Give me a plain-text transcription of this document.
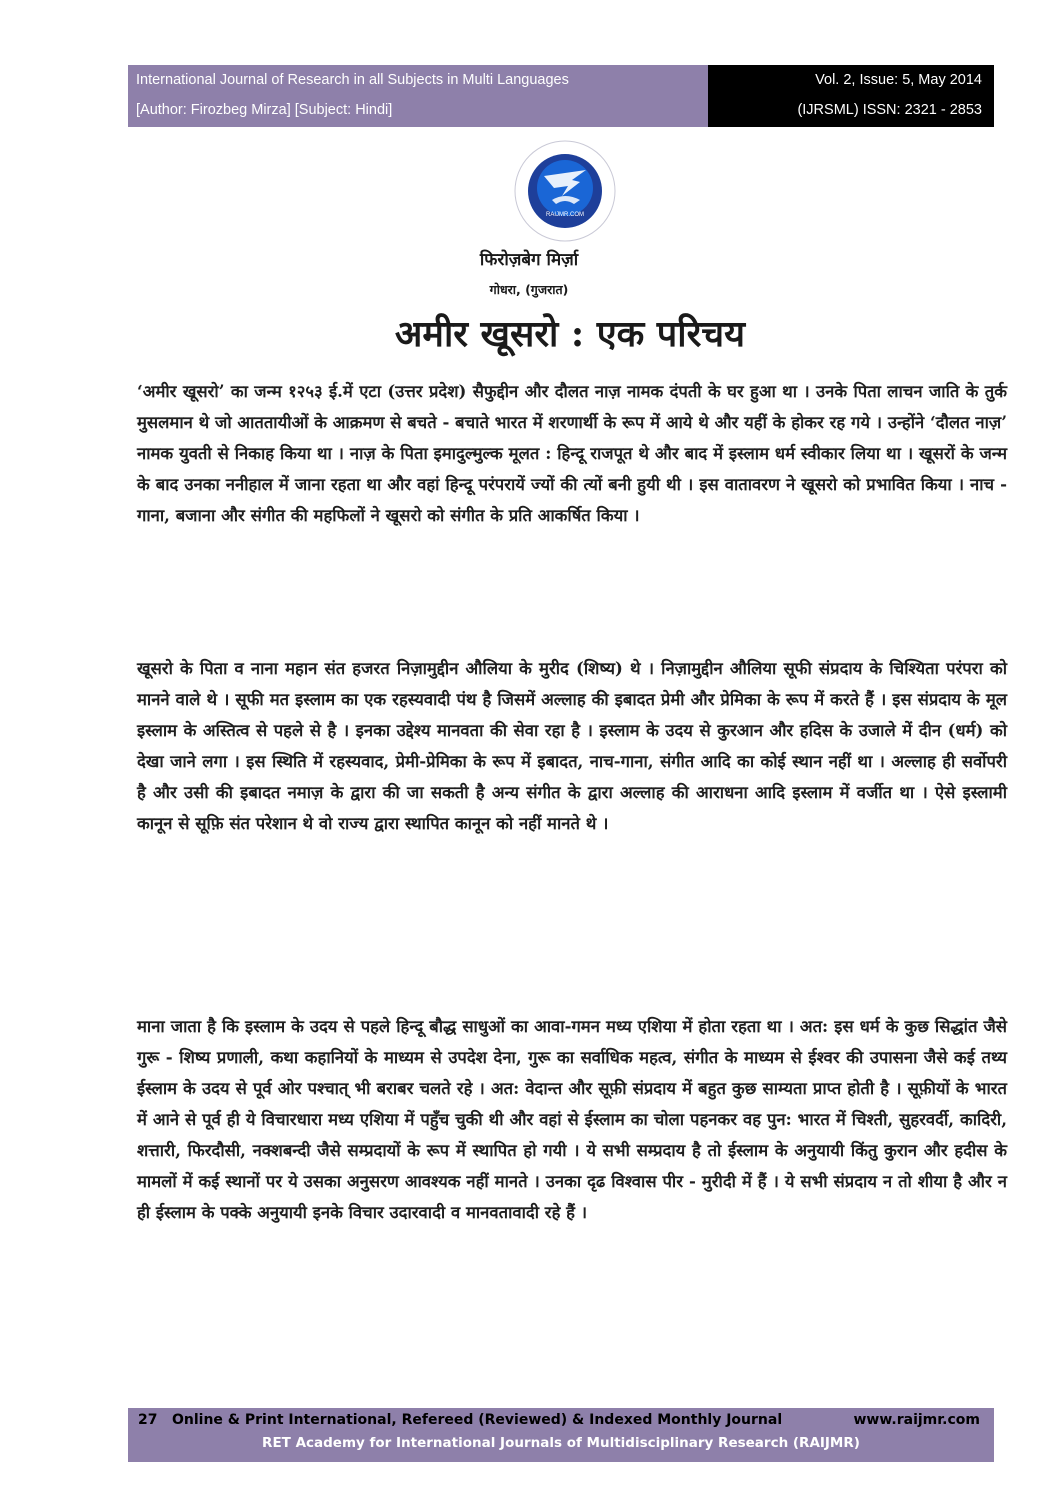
International Journal of Research in all Subjects in Multi Languages
[Author: Firozbeg Mirza] [Subject: Hindi]
Vol. 2, Issue: 5, May 2014
(IJRSML) ISSN: 2321 - 2853
RAIJMR.COM
फिरोज़बेग मिर्ज़ा
गोधरा, (गुजरात)
अमीर खूसरो : एक परिचय
‘अमीर खूसरो’ का जन्म १२५३ ई.में एटा (उत्तर प्रदेश) सैफुद्दीन और दौलत नाज़ नामक दंपती के घर हुआ था । उनके पिता लाचन जाति के तुर्क मुसलमान थे जो आततायीओं के आक्रमण से बचते - बचाते भारत में शरणार्थी के रूप में आये थे और यहीं के होकर रह गये । उन्होंने ‘दौलत नाज़’ नामक युवती से निकाह किया था । नाज़ के पिता इमादुल्मुल्क मूलत : हिन्दू राजपूत थे और बाद में इस्लाम धर्म स्वीकार लिया था । खूसरों के जन्म के बाद उनका ननीहाल में जाना रहता था और वहां हिन्दू परंपरायें ज्यों की त्यों बनी हुयी थी । इस वातावरण ने खूसरो को प्रभावित किया । नाच - गाना, बजाना और संगीत की महफिलों ने खूसरो को संगीत के प्रति आकर्षित किया ।
खूसरो के पिता व नाना महान संत हजरत निज़ामुद्दीन औलिया के मुरीद (शिष्य) थे । निज़ामुद्दीन औलिया सूफी संप्रदाय के चिश्यिता परंपरा को मानने वाले थे । सूफी मत इस्लाम का एक रहस्यवादी पंथ है जिसमें अल्लाह की इबादत प्रेमी और प्रेमिका के रूप में करते हैं । इस संप्रदाय के मूल इस्लाम के अस्तित्व से पहले से है । इनका उद्देश्य मानवता की सेवा रहा है । इस्लाम के उदय से कुरआन और हदिस के उजाले में दीन (धर्म) को देखा जाने लगा । इस स्थिति में रहस्यवाद, प्रेमी-प्रेमिका के रूप में इबादत, नाच-गाना, संगीत आदि का कोई स्थान नहीं था । अल्लाह ही सर्वोपरी है और उसी की इबादत नमाज़ के द्वारा की जा सकती है अन्य संगीत के द्वारा अल्लाह की आराधना आदि इस्लाम में वर्जीत था । ऐसे इस्लामी कानून से सूफ़ि संत परेशान थे वो राज्य द्वारा स्थापित कानून को नहीं मानते थे ।
माना जाता है कि इस्लाम के उदय से पहले हिन्दू बौद्ध साधुओं का आवा-गमन मध्य एशिया में होता रहता था । अत: इस धर्म के कुछ सिद्धांत जैसे गुरू - शिष्य प्रणाली, कथा कहानियों के माध्यम से उपदेश देना, गुरू का सर्वाधिक महत्व, संगीत के माध्यम से ईश्वर की उपासना जैसे कई तथ्य ईस्लाम के उदय से पूर्व ओर पश्चात् भी बराबर चलते रहे । अत: वेदान्त और सूफ़ी संप्रदाय में बहुत कुछ साम्यता प्राप्त होती है । सूफ़ीयों के भारत में आने से पूर्व ही ये विचारधारा मध्य एशिया में पहुँच चुकी थी और वहां से ईस्लाम का चोला पहनकर वह पुन: भारत में चिश्ती, सुहरवर्दी, कादिरी, शत्तारी, फिरदौसी, नक्शबन्दी जैसे सम्प्रदायों के रूप में स्थापित हो गयी । ये सभी सम्प्रदाय है तो ईस्लाम के अनुयायी किंतु कुरान और हदीस के मामलों में कई स्थानों पर ये उसका अनुसरण आवश्यक नहीं मानते । उनका दृढ विश्वास पीर - मुरीदी में हैं । ये सभी संप्रदाय न तो शीया है और न ही ईस्लाम के पक्के अनुयायी इनके विचार उदारवादी व मानवतावादी रहे हैं ।
27 Online & Print International, Refereed (Reviewed) & Indexed Monthly Journal	www.raijmr.com
RET Academy for International Journals of Multidisciplinary Research (RAIJMR)
